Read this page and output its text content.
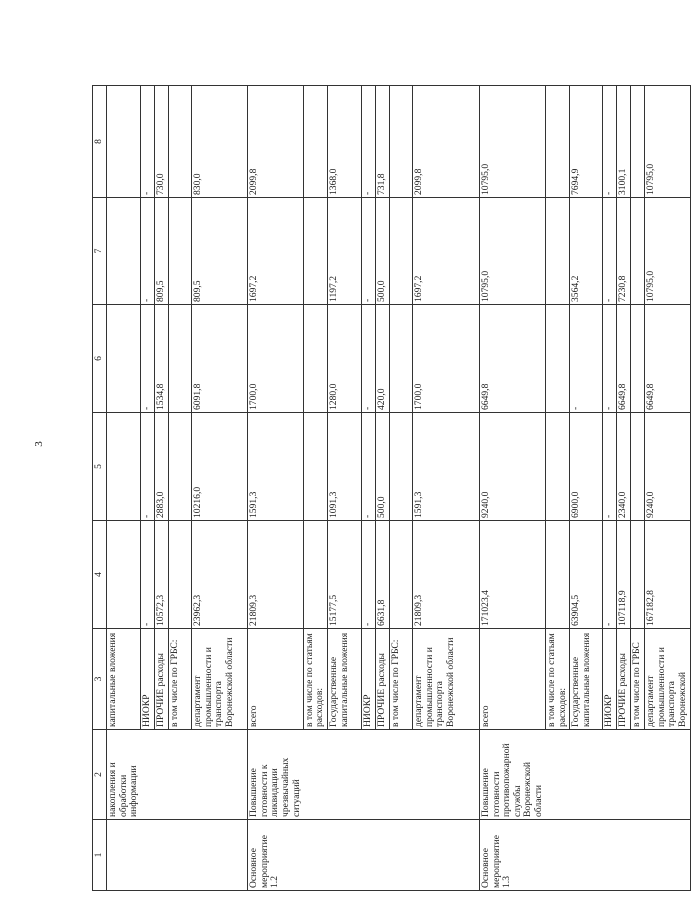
3
1	2	3	4	5	6	7	8
	накопления и обработки информации	капитальные вложения					
		НИОКР	-	-	-	-	-
		ПРОЧИЕ расходы	10572,3	2883,0	1534,8	809,5	730,0
		в том числе по ГРБС:					
		департамент промышленности и транспорта Воронежской области	23962,3	10216,0	6091,8	809,5	830,0
Основное мероприятие 1.2	Повышение готовности к ликвидации чрезвычайных ситуаций	всего	21809,3	1591,3	1700,0	1697,2	2099,8
		в том числе по статьям расходов:					
		Государственные капитальные вложения	15177,5	1091,3	1280,0	1197,2	1368,0
		НИОКР	-	-	-	-	-
		ПРОЧИЕ расходы	6631,8	500,0	420,0	500,0	731,8
		в том числе по ГРБС:					
		департамент промышленности и транспорта Воронежской области	21809,3	1591,3	1700,0	1697,2	2099,8
Основное мероприятие 1.3	Повышение готовности противопожарной службы Воронежской области	всего	171023,4	9240,0	6649,8	10795,0	10795,0
		в том числе по статьям расходов:					
		Государственные капитальные вложения	63904,5	6900,0	-	3564,2	7694,9
		НИОКР	-	-	-	-	-
		ПРОЧИЕ расходы	107118,9	2340,0	6649,8	7230,8	3100,1
		в том числе по ГРБС					
		департамент промышленности и транспорта Воронежской	167182,8	9240,0	6649,8	10795,0	10795,0
